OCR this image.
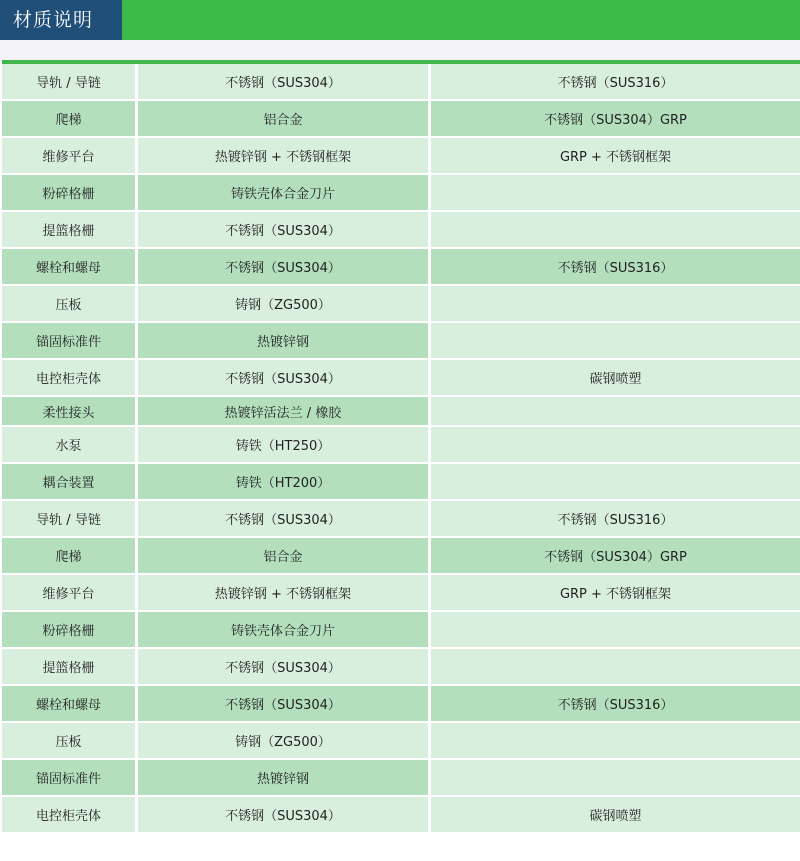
材质说明
导轨 / 导链	不锈钢（SUS304）	不锈钢（SUS316）
爬梯	铝合金	不锈钢（SUS304）GRP
维修平台	热镀锌钢 + 不锈钢框架	GRP + 不锈钢框架
粉碎格栅	铸铁壳体合金刀片
提篮格栅	不锈钢（SUS304）
螺栓和螺母	不锈钢（SUS304）	不锈钢（SUS316）
压板	铸钢（ZG500）
锚固标准件	热镀锌钢
电控柜壳体	不锈钢（SUS304）	碳钢喷塑
柔性接头	热镀锌活法兰 / 橡胶
水泵	铸铁（HT250）
耦合装置	铸铁（HT200）
导轨 / 导链	不锈钢（SUS304）	不锈钢（SUS316）
爬梯	铝合金	不锈钢（SUS304）GRP
维修平台	热镀锌钢 + 不锈钢框架	GRP + 不锈钢框架
粉碎格栅	铸铁壳体合金刀片
提篮格栅	不锈钢（SUS304）
螺栓和螺母	不锈钢（SUS304）	不锈钢（SUS316）
压板	铸钢（ZG500）
锚固标准件	热镀锌钢
电控柜壳体	不锈钢（SUS304）	碳钢喷塑
